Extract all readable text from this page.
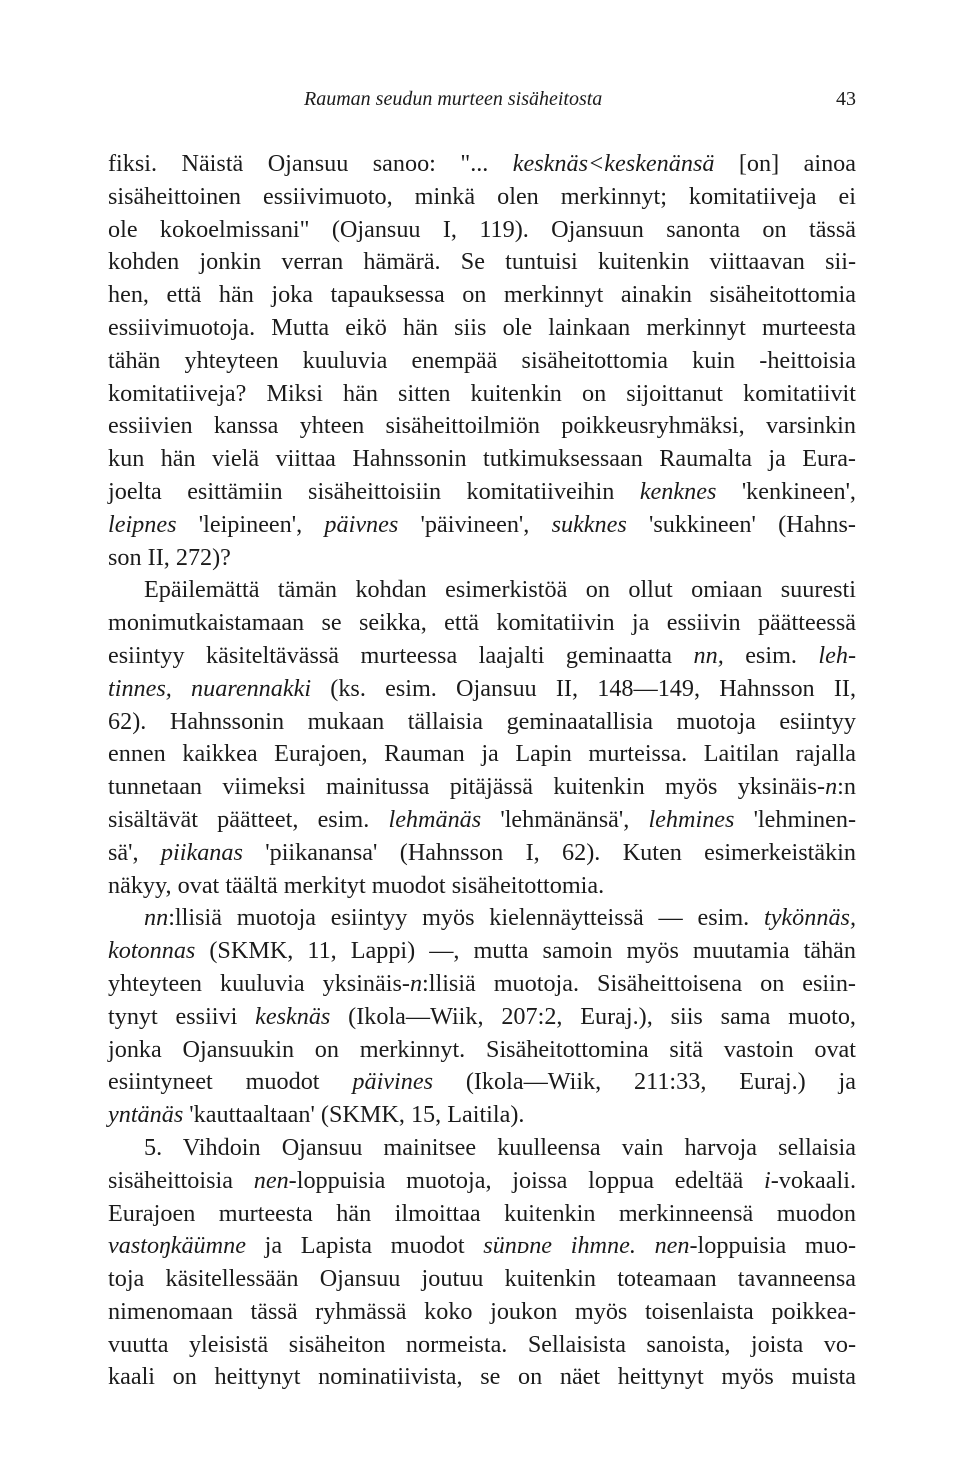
Rauman seudun murteen sisäheitosta	43
fiksi. Näistä Ojansuu sanoo: "... kesknäs<keskenänsä [on] ainoa
sisäheittoinen essiivimuoto, minkä olen merkinnyt; komitatiiveja ei
ole kokoelmissani" (Ojansuu I, 119). Ojansuun sanonta on tässä
kohden jonkin verran hämärä. Se tuntuisi kuitenkin viittaavan sii-
hen, että hän joka tapauksessa on merkinnyt ainakin sisäheitottomia
essiivimuotoja. Mutta eikö hän siis ole lainkaan merkinnyt murteesta
tähän yhteyteen kuuluvia enempää sisäheitottomia kuin -heittoisia
komitatiiveja? Miksi hän sitten kuitenkin on sijoittanut komitatiivit
essiivien kanssa yhteen sisäheittoilmiön poikkeusryhmäksi, varsinkin
kun hän vielä viittaa Hahnssonin tutkimuksessaan Raumalta ja Eura-
joelta esittämiin sisäheittoisiin komitatiiveihin kenknes 'kenkineen',
leipnes 'leipineen', päivnes 'päivineen', sukknes 'sukkineen' (Hahns-
son II, 272)?
Epäilemättä tämän kohdan esimerkistöä on ollut omiaan suuresti
monimutkaistamaan se seikka, että komitatiivin ja essiivin päätteessä
esiintyy käsiteltävässä murteessa laajalti geminaatta nn, esim. leh-
tinnes, nuarennakki (ks. esim. Ojansuu II, 148—149, Hahnsson II,
62). Hahnssonin mukaan tällaisia geminaatallisia muotoja esiintyy
ennen kaikkea Eurajoen, Rauman ja Lapin murteissa. Laitilan rajalla
tunnetaan viimeksi mainitussa pitäjässä kuitenkin myös yksinäis-n:n
sisältävät päätteet, esim. lehmänäs 'lehmänänsä', lehmines 'lehminen-
sä', piikanas 'piikanansa' (Hahnsson I, 62). Kuten esimerkeistäkin
näkyy, ovat täältä merkityt muodot sisäheitottomia.
nn:llisiä muotoja esiintyy myös kielennäytteissä — esim. tykönnäs,
kotonnas (SKMK, 11, Lappi) —, mutta samoin myös muutamia tähän
yhteyteen kuuluvia yksinäis-n:llisiä muotoja. Sisäheittoisena on esiin-
tynyt essiivi kesknäs (Ikola—Wiik, 207:2, Euraj.), siis sama muoto,
jonka Ojansuukin on merkinnyt. Sisäheitottomina sitä vastoin ovat
esiintyneet muodot päivines (Ikola—Wiik, 211:33, Euraj.) ja
yntänäs 'kauttaaltaan' (SKMK, 15, Laitila).
5. Vihdoin Ojansuu mainitsee kuulleensa vain harvoja sellaisia
sisäheittoisia nen-loppuisia muotoja, joissa loppua edeltää i-vokaali.
Eurajoen murteesta hän ilmoittaa kuitenkin merkinneensä muodon
vastoŋkäümne ja Lapista muodot sünᴅne ihmne. nen-loppuisia muo-
toja käsitellessään Ojansuu joutuu kuitenkin toteamaan tavanneensa
nimenomaan tässä ryhmässä koko joukon myös toisenlaista poikkea-
vuutta yleisistä sisäheiton normeista. Sellaisista sanoista, joista vo-
kaali on heittynyt nominatiivista, se on näet heittynyt myös muista
